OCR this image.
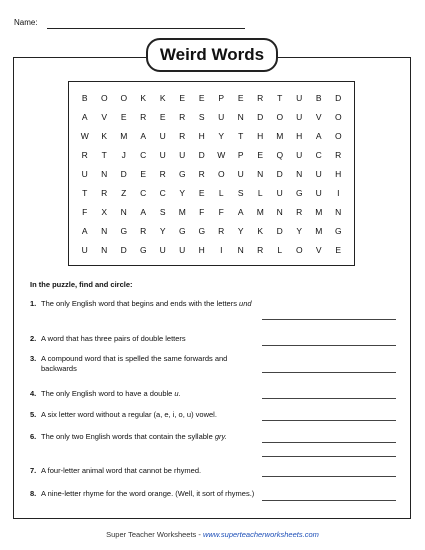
Name:
Weird Words
B	O	O	K	K	E	E	P	E	R	T	U	B	D
A	V	E	R	E	R	S	U	N	D	O	U	V	O
W	K	M	A	U	R	H	Y	T	H	M	H	A	O
R	T	J	C	U	U	D	W	P	E	Q	U	C	R
U	N	D	E	R	G	R	O	U	N	D	N	U	H
T	R	Z	C	C	Y	E	L	S	L	U	G	U	I
F	X	N	A	S	M	F	F	A	M	N	R	M	N
A	N	G	R	Y	G	G	R	Y	K	D	Y	M	G
U	N	D	G	U	U	H	I	N	R	L	O	V	E
In the puzzle, find and circle:
1. The only English word that begins and ends with the letters und
2. A word that has three pairs of double letters
3. A compound word that is spelled the same forwards and backwards
4. The only English word to have a double u.
5. A six letter word without a regular (a, e, i, o, u) vowel.
6. The only two English words that contain the syllable gry.
7. A four-letter animal word that cannot be rhymed.
8. A nine-letter rhyme for the word orange. (Well, it sort of rhymes.)
Super Teacher Worksheets - www.superteacherworksheets.com
